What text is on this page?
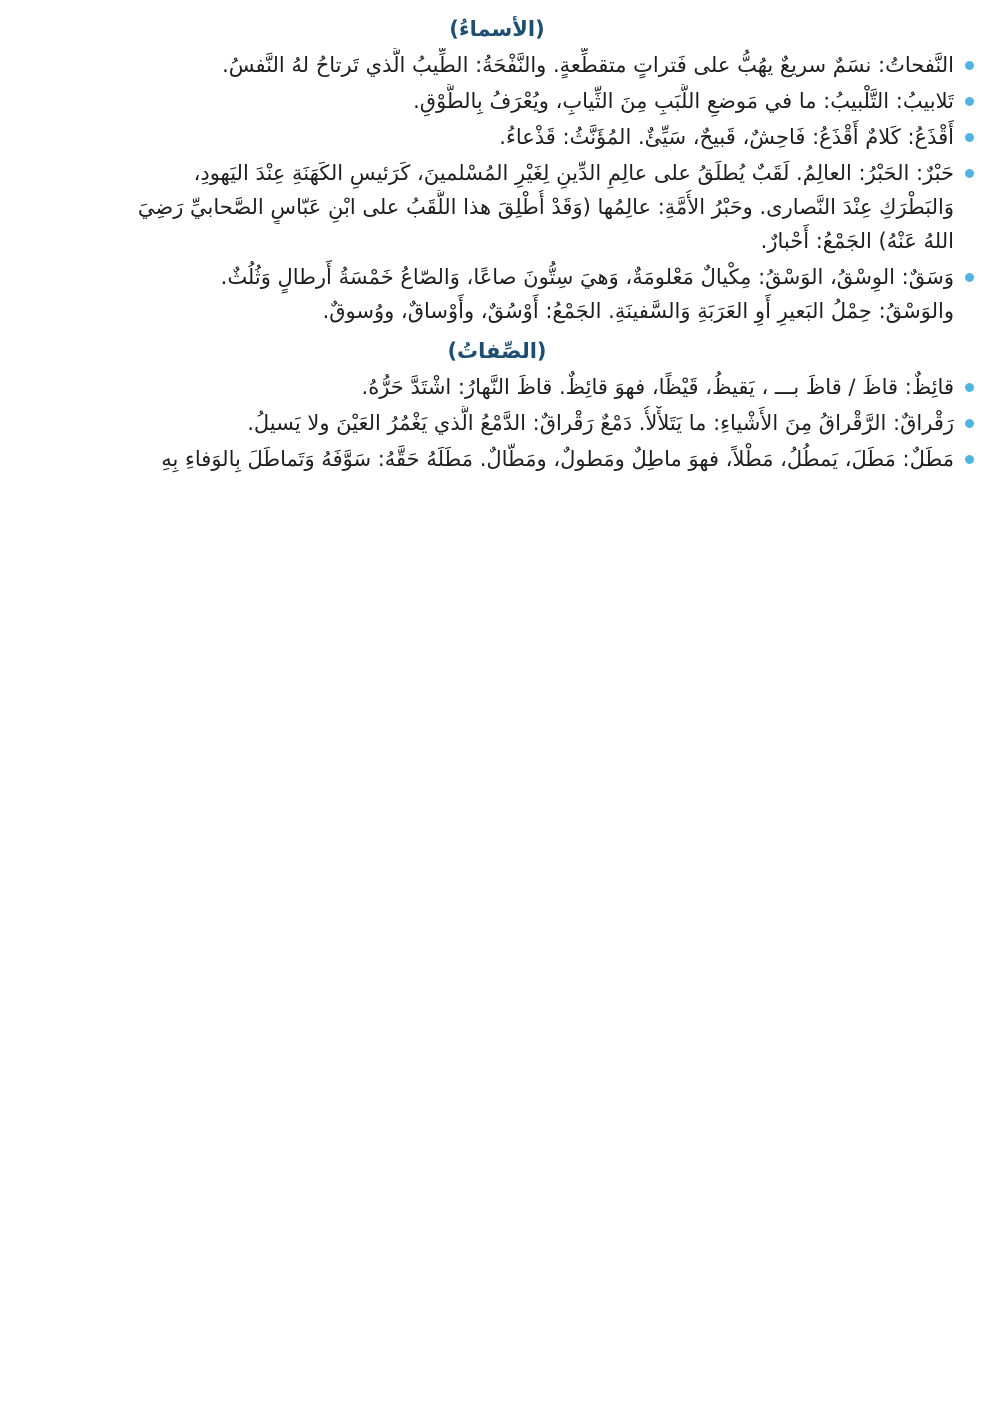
(الأسماءُ)
النَّفحاتُ: نسَمٌ سريعٌ يهُبُّ على فَتراتٍ متقطِّعةٍ. والنَّفْحَةُ: الطِّيبُ الَّذي تَرتاحُ لهُ النَّفسُ.
تَلابيبُ: التَّلْبيبُ: ما في مَوضعِ اللَّبَبِ مِنَ الثِّيابِ، ويُعْرَفُ بِالطَّوْقِ.
أَقْذَعُ: كَلامٌ أَقْذَعُ: فَاحِشٌ، قَبيحٌ، سَيِّئٌ. المُؤَنَّثُ: قَذْعاءُ.
حَبْرٌ: الحَبْرُ: العالِمُ. لَقَبٌ يُطلَقُ على عالِمِ الدِّينِ لِغَيْرِ المُسْلمينَ، كَرَئيسِ الكَهَنَةِ عِنْدَ اليَهودِ،
وَالبَطْرَكِ عِنْدَ النَّصارى. وحَبْرُ الأُمَّةِ: عالِمُها (وَقَدْ أُطْلِقَ هذا اللَّقَبُ على ابْنِ عَبّاسٍ الصَّحابيِّ رَضِيَ
اللهُ عَنْهُ) الجَمْعُ: أَحْبارٌ.
وَسَقٌ: الوِسْقُ، الوَسْقُ: مِكْيالٌ مَعْلومَةٌ، وَهيَ سِتُّونَ صاعًا، وَالصّاعُ خَمْسَةُ أَرطالٍ وَثُلُثٌ.
والوَسْقُ: حِمْلُ البَعيرِ أَوِ العَرَبَةِ وَالسَّفينَةِ. الجَمْعُ: أَوْسُقٌ، وأَوْساقٌ، ووُسوقٌ.
(الصِّفاتُ)
قائِظٌ: قاظَ / قاظَ بـــ ، يَقيظُ، قَيْظًا، فهوَ قائِظٌ. قاظَ النَّهارُ: اشْتَدَّ حَرُّهُ.
رَقْراقٌ: الرَّقْراقُ مِنَ الأَشْياءِ: ما يَتَلأْلأُ. دَمْعٌ رَقْراقٌ: الدَّمْعُ الَّذي يَغْمُرُ العَيْنَ ولا يَسيلُ.
مَطَلٌ: مَطَلَ، يَمطُلُ، مَطْلاً، فهوَ ماطِلٌ ومَطولٌ، ومَطّالٌ. مَطَلَهُ حَقَّهُ: سَوَّفَهُ وَتَماطَلَ بِالوَفاءِ بِهِ
